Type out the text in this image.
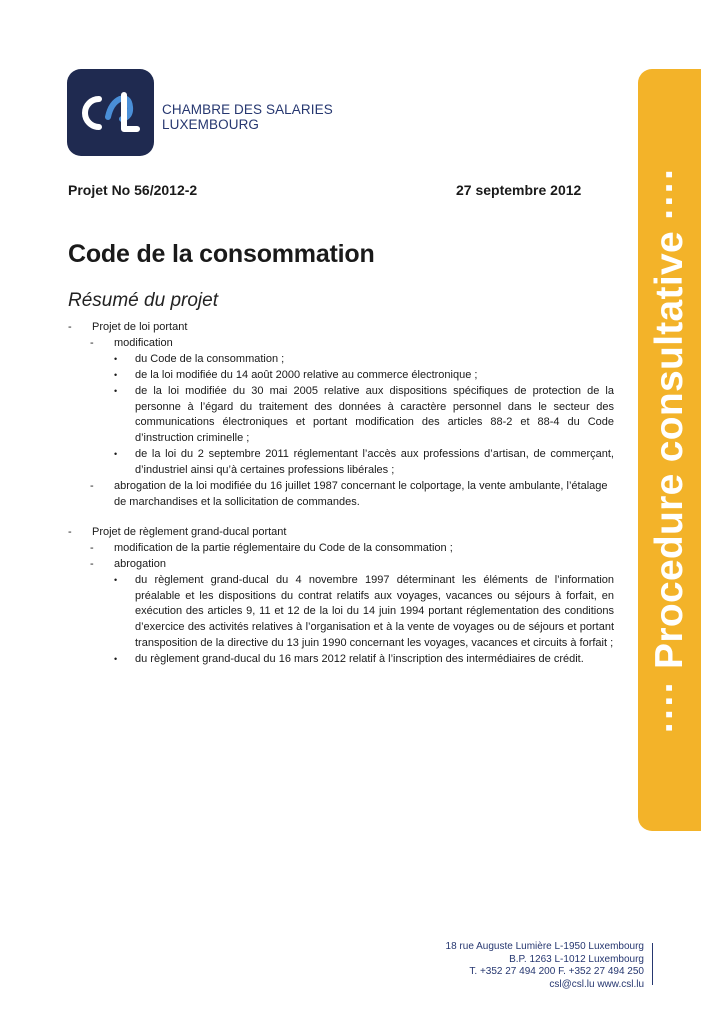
CHAMBRE DES SALARIES
LUXEMBOURG
Projet No 56/2012-2	27 septembre 2012
Code de la consommation
Résumé du projet
- Projet de loi portant
- modification
• du Code de la consommation ;
• de la loi modifiée du 14 août 2000 relative au commerce électronique ;
• de la loi modifiée du 30 mai 2005 relative aux dispositions spécifiques de protection de la personne à l’égard du traitement des données à caractère personnel dans le secteur des communications électroniques et portant modification des articles 88-2 et 88-4 du Code d’instruction criminelle ;
• de la loi du 2 septembre 2011 réglementant l’accès aux professions d’artisan, de commerçant, d’industriel ainsi qu’à certaines professions libérales ;
- abrogation de la loi modifiée du 16 juillet 1987 concernant le colportage, la vente ambulante, l’étalage de marchandises et la sollicitation de commandes.
- Projet de règlement grand-ducal portant
- modification de la partie réglementaire du Code de la consommation ;
- abrogation
• du règlement grand-ducal du 4 novembre 1997 déterminant les éléments de l’information préalable et les dispositions du contrat relatifs aux voyages, vacances ou séjours à forfait, en exécution des articles 9, 11 et 12 de la loi du 14 juin 1994 portant réglementation des conditions d’exercice des activités relatives à l’organisation et à la vente de voyages ou de séjours et portant transposition de la directive du 13 juin 1990 concernant les voyages, vacances et circuits à forfait ;
• du règlement grand-ducal du 16 mars 2012 relatif à l’inscription des intermédiaires de crédit.	···· Procedure consultative ····
18 rue Auguste Lumière L-1950 Luxembourg
B.P. 1263 L-1012 Luxembourg
T. +352 27 494 200 F. +352 27 494 250
csl@csl.lu www.csl.lu
